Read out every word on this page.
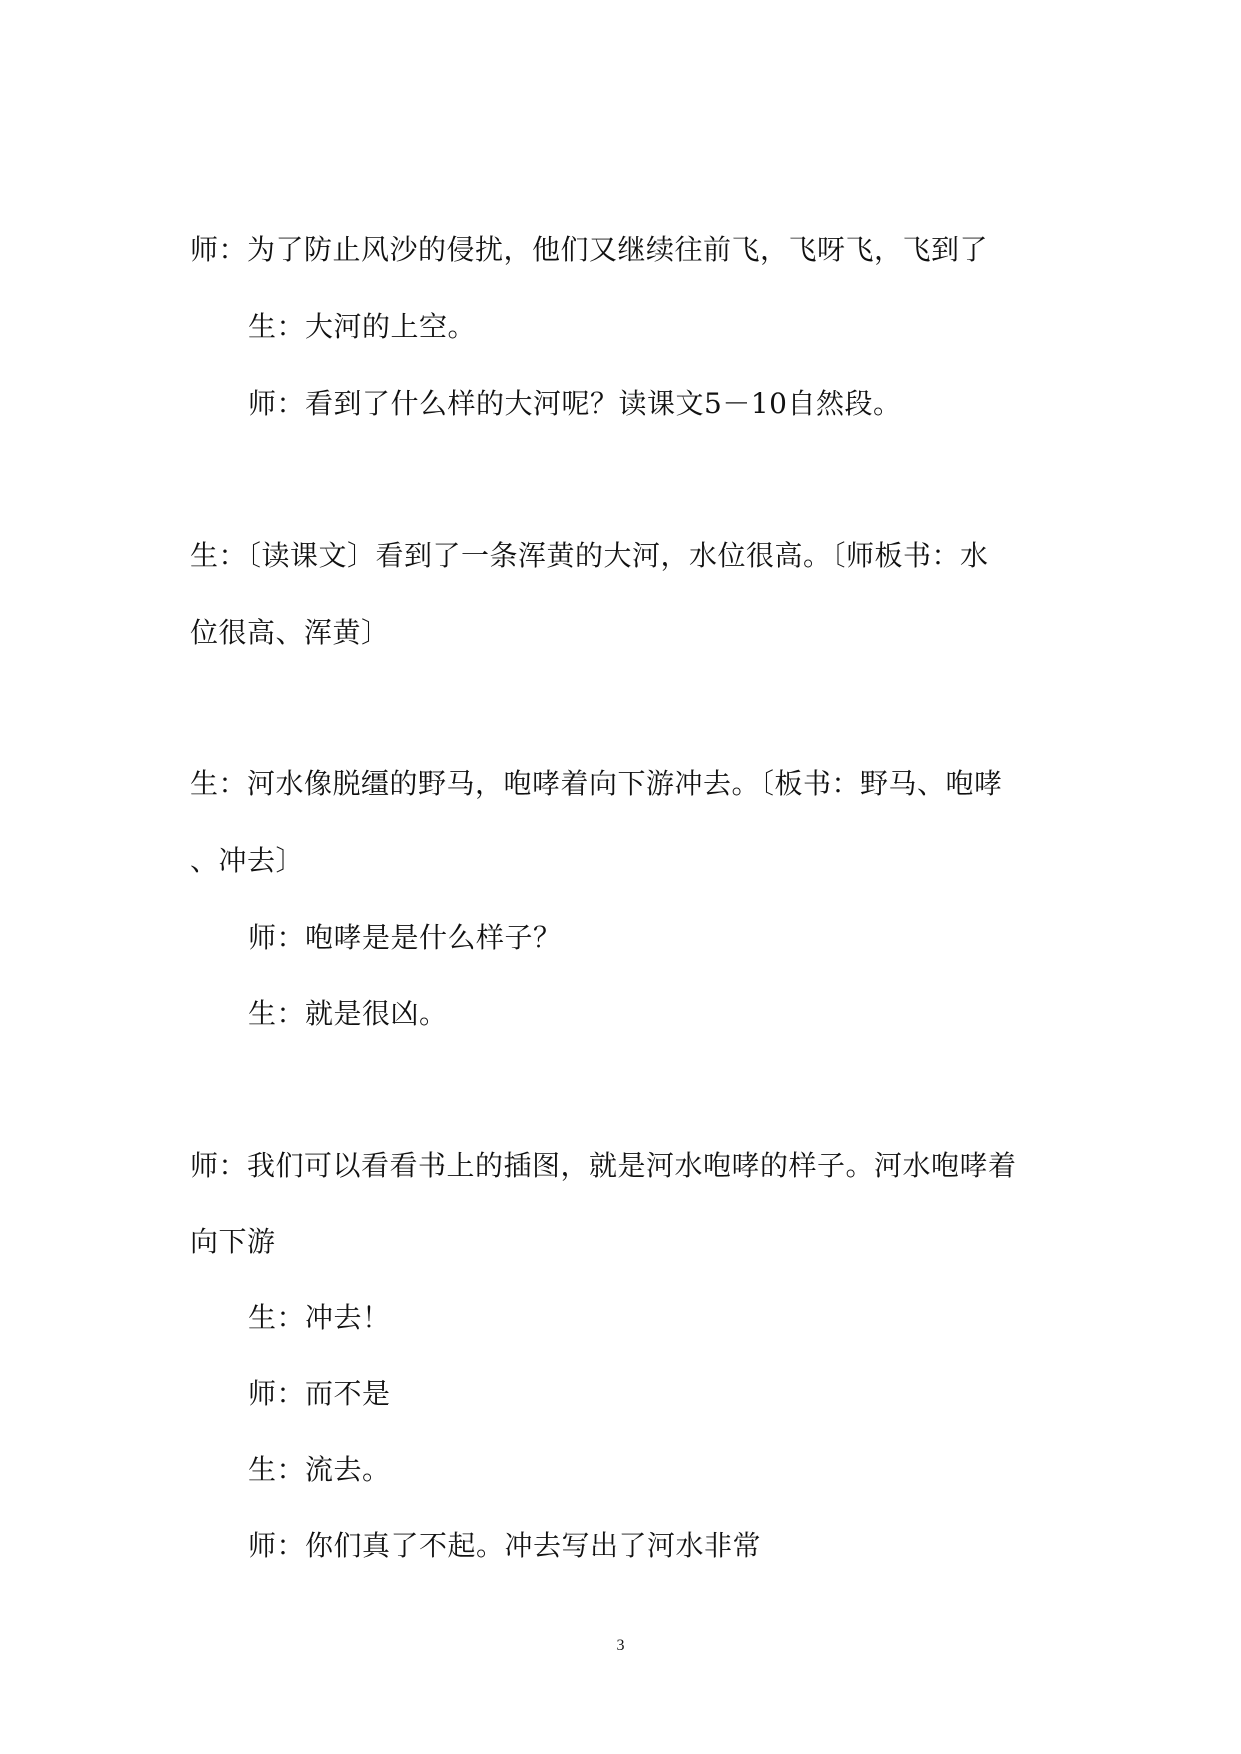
师：为了防止风沙的侵扰，他们又继续往前飞，飞呀飞，飞到了
生：大河的上空。
师：看到了什么样的大河呢？读课文5－10自然段。
生：〔读课文〕看到了一条浑黄的大河，水位很高。〔师板书：水
位很高、浑黄〕
生：河水像脱缰的野马，咆哮着向下游冲去。〔板书：野马、咆哮
、冲去〕
师：咆哮是是什么样子？
生：就是很凶。
师：我们可以看看书上的插图，就是河水咆哮的样子。河水咆哮着
向下游
生：冲去！
师：而不是
生：流去。
师：你们真了不起。冲去写出了河水非常
3
